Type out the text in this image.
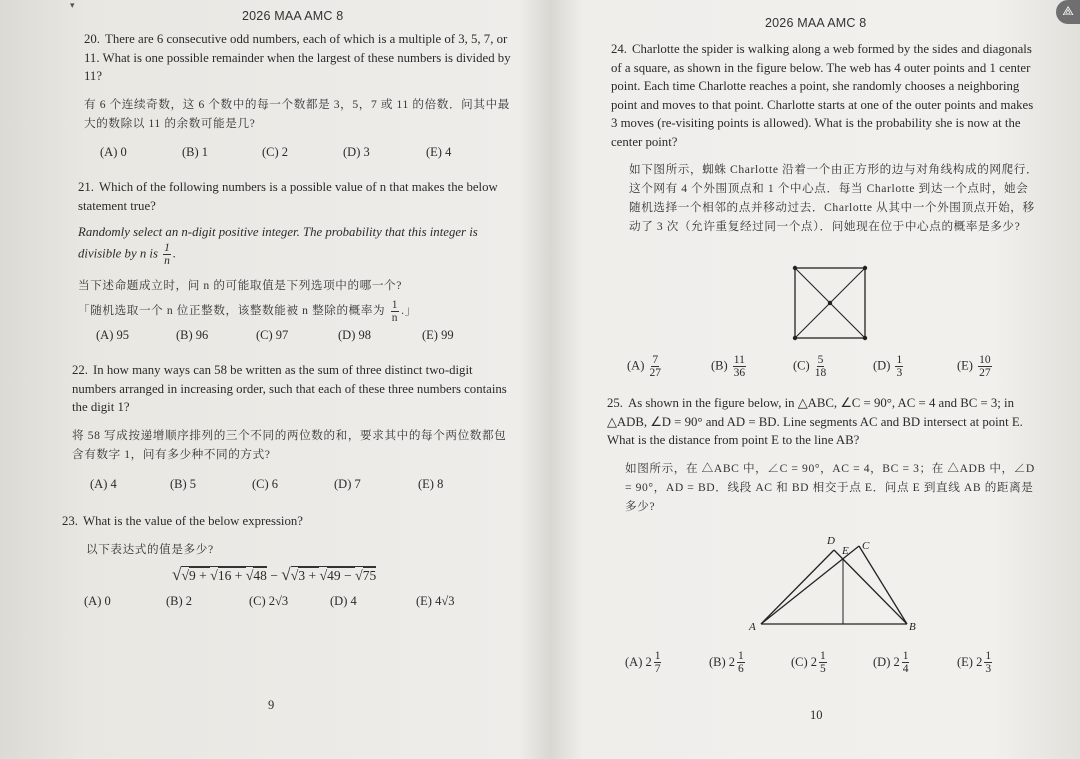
▾
2026 MAA AMC 8

20. There are 6 consecutive odd numbers, each of which is a multiple of 3, 5, 7, or 11. What is one possible remainder when the largest of these numbers is divided by 11?

有 6 个连续奇数，这 6 个数中的每一个数都是 3，5，7 或 11 的倍数．问其中最大的数除以 11 的余数可能是几?
(A) 0	(B) 1	(C) 2	(D) 3	(E) 4

21. Which of the following numbers is a possible value of n that makes the below statement true?

Randomly select an n-digit positive integer. The probability that this integer is divisible by n is $\frac{1}{n}$ .
当下述命题成立时，问 n 的可能取值是下列选项中的哪一个?
「随机选取一个 n 位正整数，该整数能被 n 整除的概率为 $\frac{1}{n}$ .」
(A) 95	(B) 96	(C) 97	(D) 98	(E) 99

22. In how many ways can 58 be written as the sum of three distinct two-digit numbers arranged in increasing order, such that each of these three numbers contains the digit 1?

将 58 写成按递增顺序排列的三个不同的两位数的和，要求其中的每个两位数都包含有数字 1，问有多少种不同的方式?
(A) 4	(B) 5	(C) 6	(D) 7	(E) 8

23. What is the value of the below expression?

以下表达式的值是多少?
√√9 + √16 + √48 − √√3 + √49 − √75
(A) 0	(B) 2	(C) 2√3	(D) 4	(E) 4√3
9
2026 MAA AMC 8

24. Charlotte the spider is walking along a web formed by the sides and diagonals of a square, as shown in the figure below. The web has 4 outer points and 1 center point. Each time Charlotte reaches a point, she randomly chooses a neighboring point and moves to that point. Charlotte starts at one of the outer points and makes 3 moves (re-visiting points is allowed). What is the probability she is now at the center point?

如下图所示，蜘蛛 Charlotte 沿着一个由正方形的边与对角线构成的网爬行．这个网有 4 个外围顶点和 1 个中心点．每当 Charlotte 到达一个点时，她会随机选择一个相邻的点并移动过去．Charlotte 从其中一个外围顶点开始，移动了 3 次（允许重复经过同一个点）．问她现在位于中心点的概率是多少?
$(A) \frac{7}{27}$	$(B) \frac{11}{36}$	$(C) \frac{5}{18}$	$(D) \frac{1}{3}$	$(E) \frac{10}{27}$

25. As shown in the figure below, in △ABC, ∠C = 90°, AC = 4 and BC = 3; in △ADB, ∠D = 90° and AD = BD. Line segments AC and BD intersect at point E. What is the distance from point E to the line AB?

如图所示，在 △ABC 中，∠C = 90°，AC = 4，BC = 3；在 △ADB 中，∠D = 90°，AD = BD．线段 AC 和 BD 相交于点 E．问点 E 到直线 AB 的距离是多少?
A	B
C
D
E
(A) $2 \frac{1}{7}$	(B) $2 \frac{1}{6}$	(C) $2 \frac{1}{5}$	(D) $2 \frac{1}{4}$	(E) $2 \frac{1}{3}$
10
⟁
